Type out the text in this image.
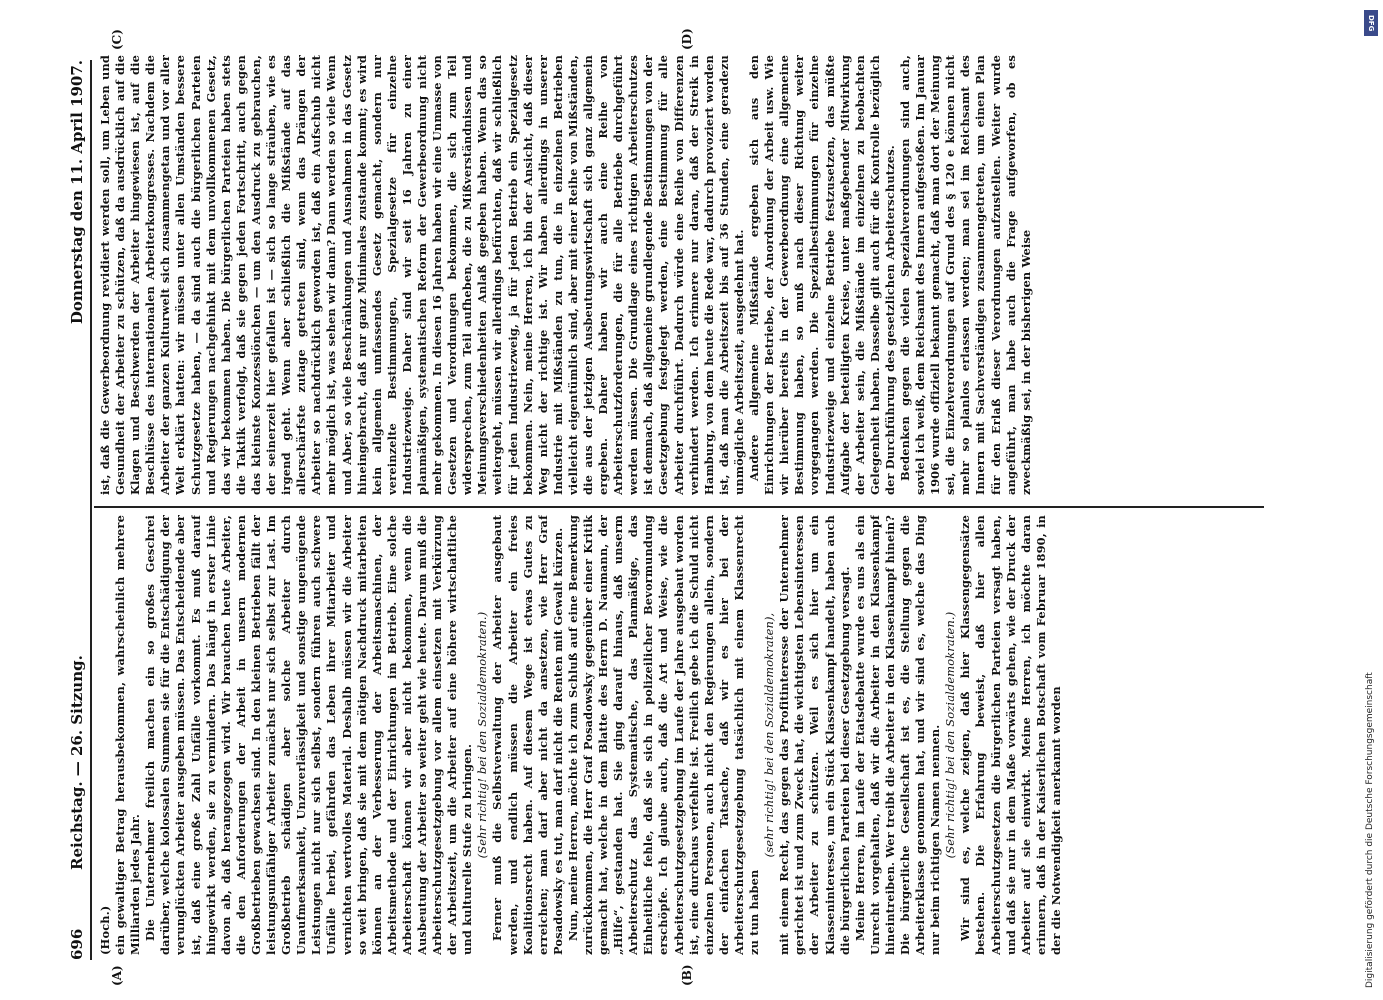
696
Reichstag. — 26. Sitzung.
Donnerstag den 11. April 1907.
(A)	(B)
(C)	(D)

(Hoch.) ein gewaltiger Betrag herausbekommen, wahrscheinlich mehrere Milliarden jedes Jahr. Die Unternehmer freilich machen ein so großes Geschrei darüber, welche kolossalen Summen sie für die Entschädigung der verunglückten Arbeiter ausgeben müssen. Das Entscheidende aber ist, daß eine große Zahl Unfälle vorkommt. Es muß darauf hingewirkt werden, sie zu vermindern. Das hängt in erster Linie davon ab, daß herangezogen wird. Wir brauchen heute Arbeiter, die den Anforderungen der Arbeit in unsern modernen Großbetrieben gewachsen sind. In den kleinen Betrieben fällt der leistungsunfähiger Arbeiter zunächst nur sich selbst zur Last. Im Großbetrieb schädigen aber solche Arbeiter durch Unaufmerksamkeit, Unzuverlässigkeit und sonstige ungenügende Leistungen nicht nur sich selbst, sondern führen auch schwere Unfälle herbei, gefährden das Leben ihrer Mitarbeiter und vernichten wertvolles Material. Deshalb müssen wir die Arbeiter so weit bringen, daß sie mit dem nötigen Nachdruck mitarbeiten können an der Verbesserung der Arbeitsmaschinen, der Arbeitsmethode und der Einrichtungen im Betrieb. Eine solche Arbeiterschaft können wir aber nicht bekommen, wenn die Ausbeutung der Arbeiter so weiter geht wie heute. Darum muß die Arbeiterschutzgesetzgebung vor allem einsetzen mit Verkürzung der Arbeitszeit, um die Arbeiter auf eine höhere wirtschaftliche und kulturelle Stufe zu bringen. (Sehr richtig! bei den Sozialdemokraten.) Ferner muß die Selbstverwaltung der Arbeiter ausgebaut werden, und endlich müssen die Arbeiter ein freies Koalitionsrecht haben. Auf diesem Wege ist etwas Gutes zu erreichen; man darf aber nicht da ansetzen, wie Herr Graf Posadowsky es tut, man darf nicht die Renten mit Gewalt kürzen. Nun, meine Herren, möchte ich zum Schluß auf eine Bemerkung zurückkommen, die Herr Graf Posadowsky gegenüber einer Kritik gemacht hat, welche in dem Blatte des Herrn D. Naumann, der „Hilfe“, gestanden hat. Sie ging darauf hinaus, daß unserm Arbeiterschutz das Systematische, das Planmäßige, das Einheitliche fehle, daß sie sich in polizeilicher Bevormundung erschöpfe. Ich glaube auch, daß die Art und Weise, wie die Arbeiterschutzgesetzgebung im Laufe der Jahre ausgebaut worden ist, eine durchaus verfehlte ist. Freilich gebe ich die Schuld nicht einzelnen Personen, auch nicht den Regierungen allein, sondern der einfachen Tatsache, daß wir es hier bei der Arbeiterschutzgesetzgebung tatsächlich mit einem Klassenrecht zu tun haben

(sehr richtig! bei den Sozialdemokraten), mit einem Recht, das gegen das Profitinteresse der Unternehmer gerichtet ist und zum Zweck hat, die wichtigsten Lebensinteressen der Arbeiter zu schützen. Weil es sich hier um ein Klasseninteresse, um ein Stück Klassenkampf handelt, haben auch die bürgerlichen Parteien bei dieser Gesetzgebung versagt. Meine Herren, im Laufe der Etatsdebatte wurde es uns als ein Unrecht vorgehalten, daß wir die Arbeiter in den Klassenkampf hineintreiben. Wer treibt die Arbeiter in den Klassenkampf hinein? Die bürgerliche Gesellschaft ist es, die Stellung gegen die Arbeiterklasse genommen hat, und wir sind es, welche das Ding nur beim richtigen Namen nennen. (Sehr richtig! bei den Sozialdemokraten.) Wir sind es, welche zeigen, daß hier Klassengegensätze bestehen. Die Erfahrung beweist, daß hier allen Arbeiterschutzgesetzen die bürgerlichen Parteien versagt haben, und daß sie nur in dem Maße vorwärts gehen, wie der Druck der Arbeiter auf sie einwirkt. Meine Herren, ich möchte daran erinnern, daß in der Kaiserlichen Botschaft vom Februar 1890, in der die Notwendigkeit anerkannt worden

ist, daß die Gewerbeordnung revidiert werden soll, um Leben und Gesundheit der Arbeiter zu schützen, daß da ausdrücklich auf die Klagen und Beschwerden der Arbeiter hingewiesen ist, auf die Beschlüsse des internationalen Arbeiterkongresses. Nachdem die Arbeiter der ganzen Kulturwelt sich zusammengetan und vor aller Welt erklärt hatten: wir müssen unter allen Umständen bessere Schutzgesetze haben, — da sind auch die bürgerlichen Parteien und Regierungen nachgehinkt mit dem unvollkommenen Gesetz, das wir bekommen haben. Die bürgerlichen Parteien haben stets die Taktik verfolgt, daß sie gegen jeden Fortschritt, auch gegen das kleinste Konzessiönchen — um den Ausdruck zu gebrauchen, der seinerzeit hier gefallen ist — sich so lange sträuben, wie es irgend geht. Wenn aber schließlich die Mißstände auf das allerschärfste zutage getreten sind, wenn das Drängen der Arbeiter so nachdrücklich geworden ist, daß ein Aufschub nicht mehr möglich ist, was sehen wir dann? Dann werden so viele Wenn und Aber, so viele Beschränkungen und Ausnahmen in das Gesetz hineingebracht, daß nur ganz Minimales zustande kommt; es wird kein allgemein umfassendes Gesetz gemacht, sondern nur vereinzelte Bestimmungen, Spezialgesetze für einzelne Industriezweige. Daher sind wir seit 16 Jahren zu einer planmäßigen, systematischen Reform der Gewerbeordnung nicht mehr gekommen. In diesen 16 Jahren haben wir eine Unmasse von Gesetzen und Verordnungen bekommen, die sich zum Teil widersprechen, zum Teil aufheben, die zu Mißverständnissen und Meinungsverschiedenheiten Anlaß gegeben haben. Wenn das so weitergeht, müssen wir allerdings befürchten, daß wir schließlich für jeden Industriezweig, ja für jeden Betrieb ein Spezialgesetz bekommen. Nein, meine Herren, ich bin der Ansicht, daß dieser Weg nicht der richtige ist. Wir haben allerdings in unserer Industrie mit Mißständen zu tun, die in einzelnen Betrieben vielleicht eigentümlich sind, aber mit einer Reihe von Mißständen, die aus der jetzigen Ausbeutungswirtschaft sich ganz allgemein ergeben. Daher haben wir auch eine Reihe von Arbeiterschutzforderungen, die für alle Betriebe durchgeführt werden müssen. Die Grundlage eines richtigen Arbeiterschutzes ist demnach, daß allgemeine grundlegende Bestimmungen von der Gesetzgebung festgelegt werden, eine Bestimmung für alle Arbeiter durchführt. Dadurch würde eine Reihe von Differenzen verhindert werden. Ich erinnere nur daran, daß der Streik in Hamburg, von dem heute die Rede war, dadurch provoziert worden ist, daß man die Arbeitszeit bis auf 36 Stunden, eine geradezu unmögliche Arbeitszeit, ausgedehnt hat. Andere allgemeine Mißstände ergeben sich aus den Einrichtungen der Betriebe, der Anordnung der Arbeit usw. Wie wir hierüber bereits in der Gewerbeordnung eine allgemeine Bestimmung haben, so muß nach dieser Richtung weiter vorgegangen werden. Die Spezialbestimmungen für einzelne Industriezweige und einzelne Betriebe festzusetzen, das müßte Aufgabe der beteiligten Kreise, unter maßgebender Mitwirkung der Arbeiter sein, die Mißstände im einzelnen zu beobachten Gelegenheit haben. Dasselbe gilt auch für die Kontrolle bezüglich der Durchführung des gesetzlichen Arbeiterschutzes. Bedenken gegen die vielen Spezialverordnungen sind auch, soviel ich weiß, dem Reichsamt des Innern aufgestoßen. Im Januar 1906 wurde offiziell bekannt gemacht, daß man dort der Meinung sei, die Einzelverordnungen auf Grund des § 120 e können nicht mehr so planlos erlassen werden; man sei im Reichsamt des Innern mit Sachverständigen zusammengetreten, um einen Plan für den Erlaß dieser Verordnungen aufzustellen. Weiter wurde angeführt, man habe auch die Frage aufgeworfen, ob es zweckmäßig sei, in der bisherigen Weise

Digitalisierung gefördert durch die Deutsche Forschungsgemeinschaft
DFG
